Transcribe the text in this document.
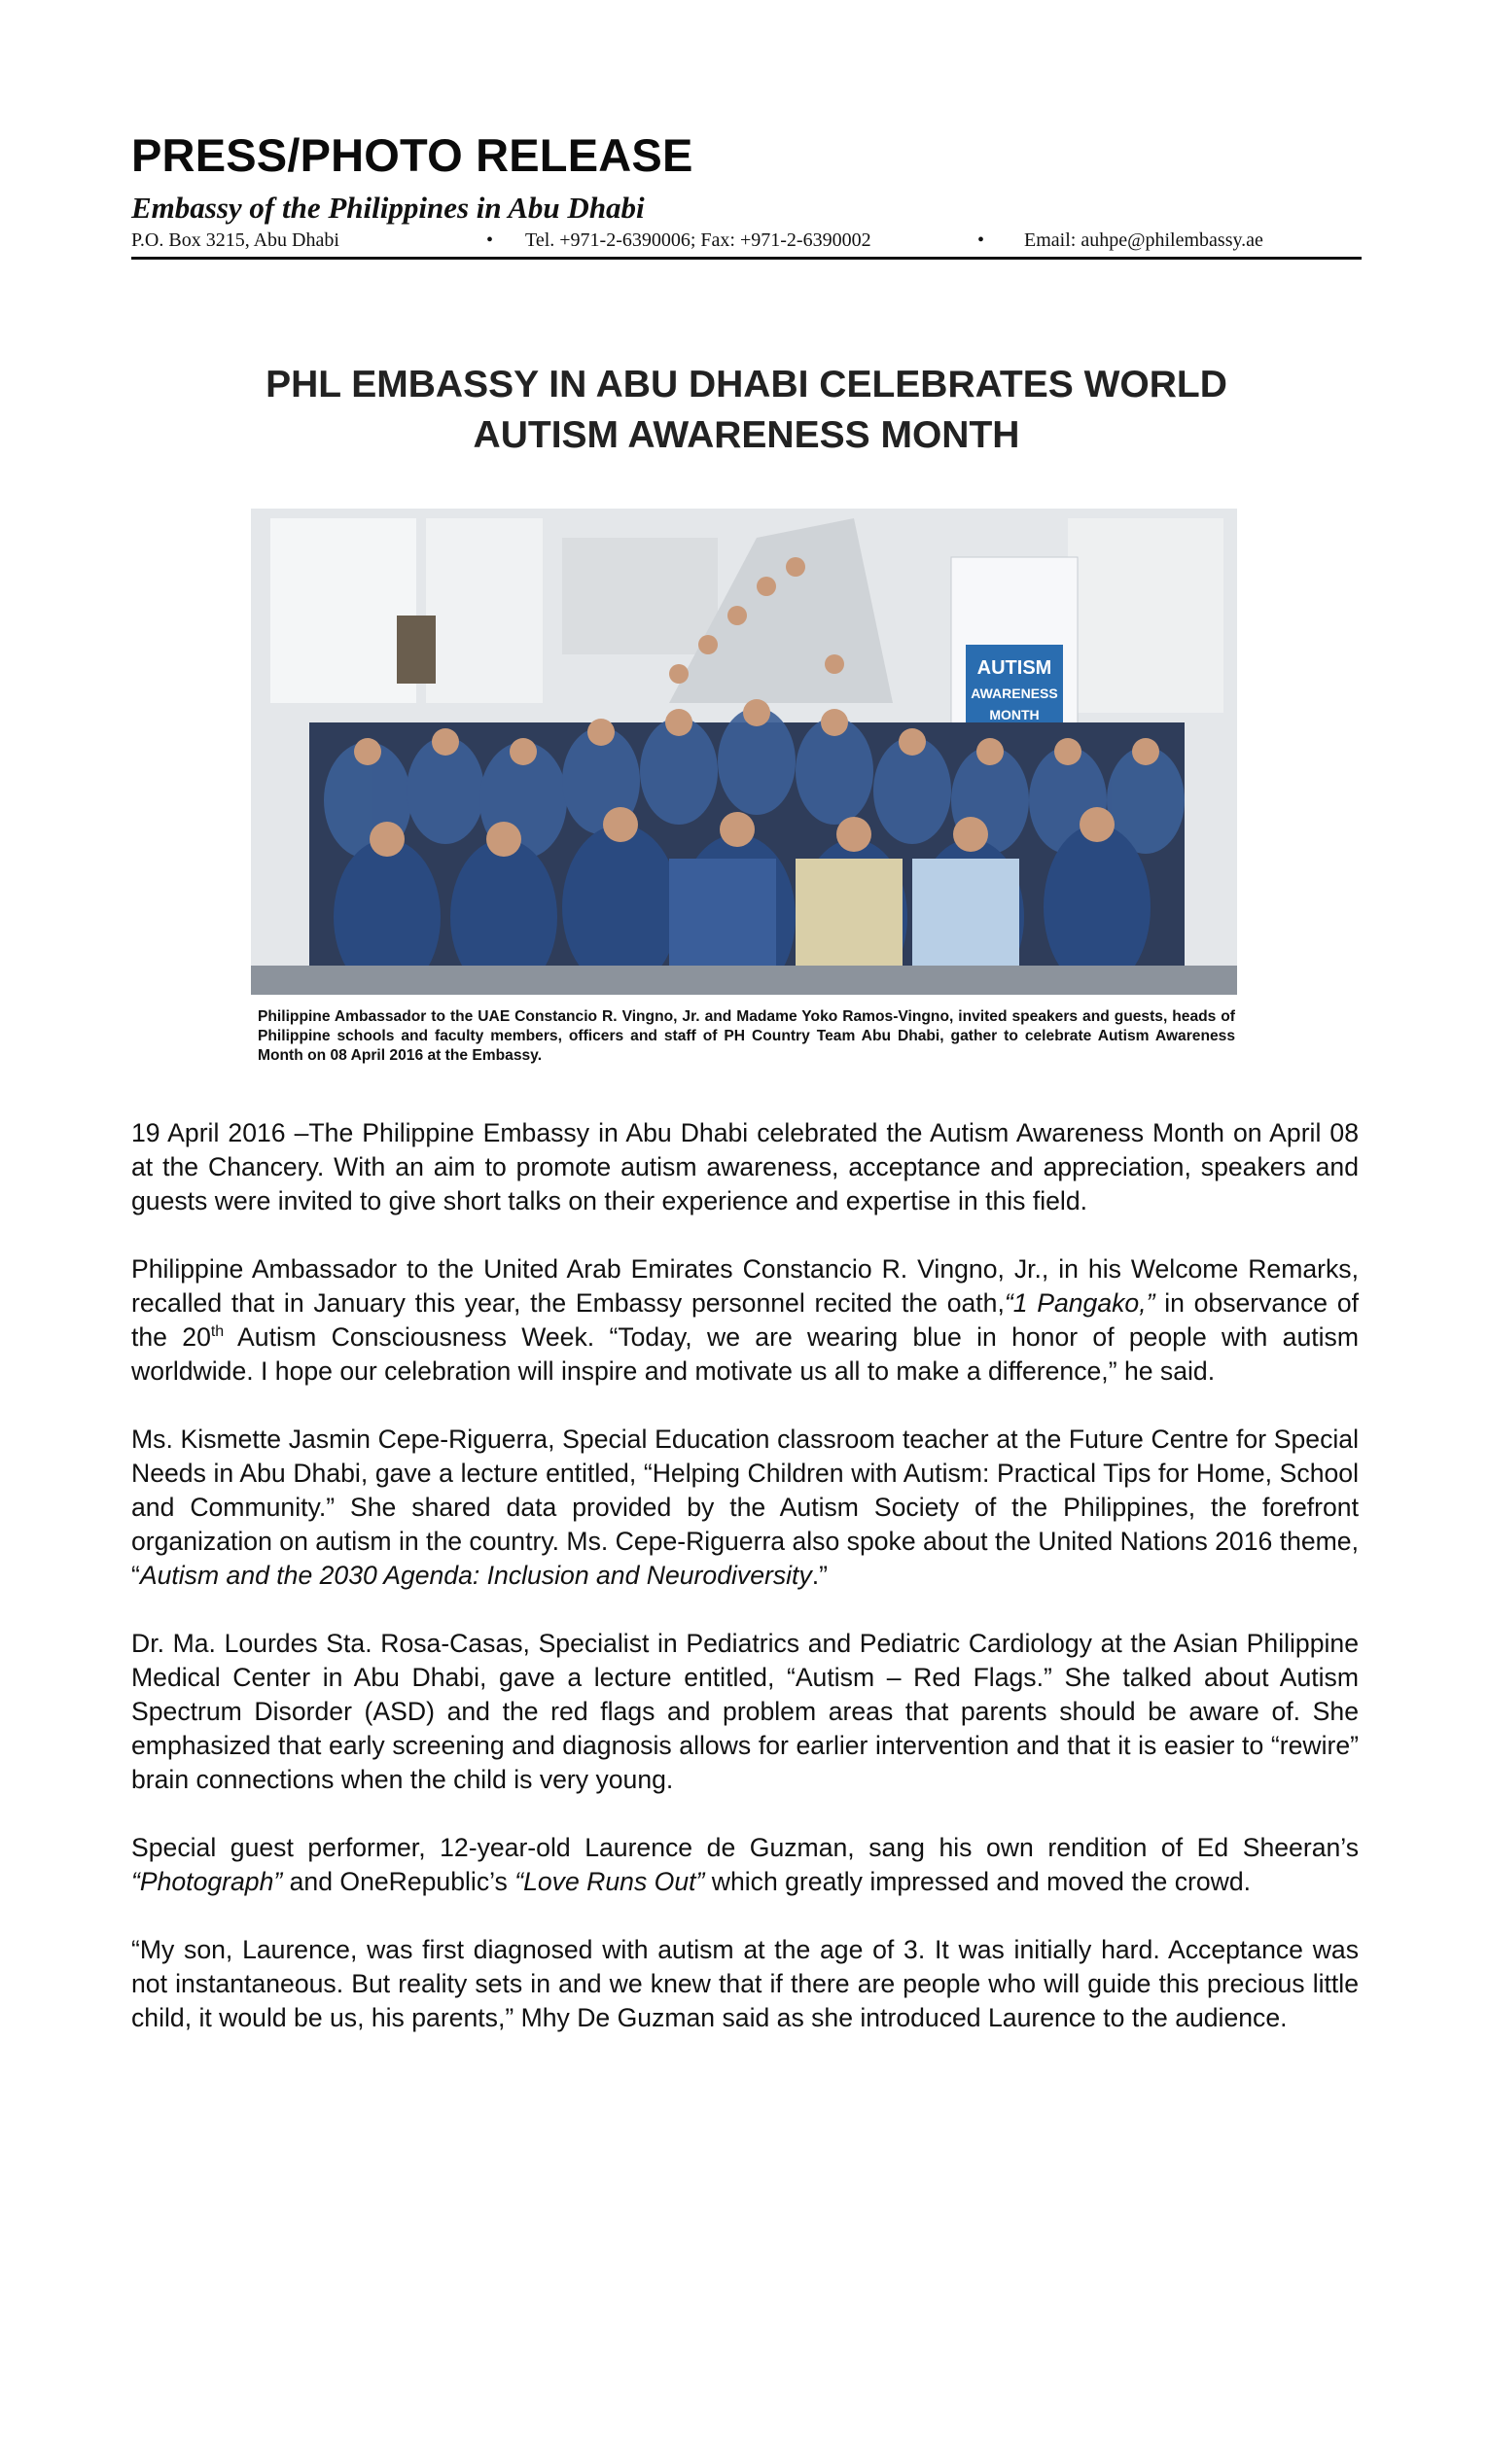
PRESS/PHOTO RELEASE
Embassy of the Philippines in Abu Dhabi
P.O. Box 3215, Abu Dhabi	• Tel. +971-2-6390006; Fax: +971-2-6390002	• Email: auhpe@philembassy.ae
PHL EMBASSY IN ABU DHABI CELEBRATES WORLD
AUTISM AWARENESS MONTH
AUTISM
AWARENESS
MONTH
Philippine Ambassador to the UAE Constancio R. Vingno, Jr. and Madame Yoko Ramos-Vingno, invited speakers and guests, heads of Philippine schools and faculty members, officers and staff of PH Country Team Abu Dhabi, gather to celebrate Autism Awareness Month on 08 April 2016 at the Embassy.

19 April 2016 –The Philippine Embassy in Abu Dhabi celebrated the Autism Awareness Month on April 08 at the Chancery. With an aim to promote autism awareness, acceptance and appreciation, speakers and guests were invited to give short talks on their experience and expertise in this field.

Philippine Ambassador to the United Arab Emirates Constancio R. Vingno, Jr., in his Welcome Remarks, recalled that in January this year, the Embassy personnel recited the oath,“1 Pangako,” in observance of the 20th Autism Consciousness Week. “Today, we are wearing blue in honor of people with autism worldwide. I hope our celebration will inspire and motivate us all to make a difference,” he said.

Ms. Kismette Jasmin Cepe-Riguerra, Special Education classroom teacher at the Future Centre for Special Needs in Abu Dhabi, gave a lecture entitled, “Helping Children with Autism: Practical Tips for Home, School and Community.” She shared data provided by the Autism Society of the Philippines, the forefront organization on autism in the country. Ms. Cepe-Riguerra also spoke about the United Nations 2016 theme, “Autism and the 2030 Agenda: Inclusion and Neurodiversity.”

Dr. Ma. Lourdes Sta. Rosa-Casas, Specialist in Pediatrics and Pediatric Cardiology at the Asian Philippine Medical Center in Abu Dhabi, gave a lecture entitled, “Autism – Red Flags.” She talked about Autism Spectrum Disorder (ASD) and the red flags and problem areas that parents should be aware of. She emphasized that early screening and diagnosis allows for earlier intervention and that it is easier to “rewire” brain connections when the child is very young.

Special guest performer, 12-year-old Laurence de Guzman, sang his own rendition of Ed Sheeran’s “Photograph” and OneRepublic’s “Love Runs Out” which greatly impressed and moved the crowd.

“My son, Laurence, was first diagnosed with autism at the age of 3. It was initially hard. Acceptance was not instantaneous. But reality sets in and we knew that if there are people who will guide this precious little child, it would be us, his parents,” Mhy De Guzman said as she introduced Laurence to the audience.
